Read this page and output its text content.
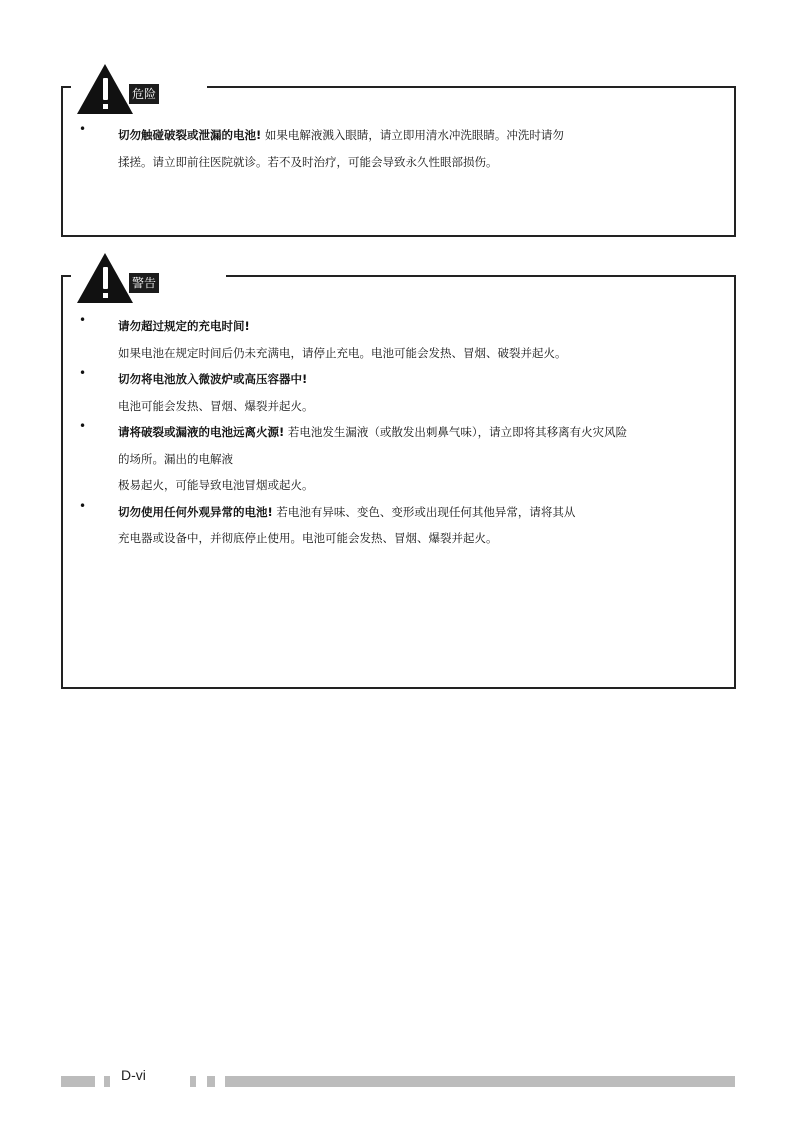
危险
•	切勿触碰破裂或泄漏的电池! 如果电解液溅入眼睛，请立即用清水冲洗眼睛。冲洗时请勿
揉搓。请立即前往医院就诊。若不及时治疗，可能会导致永久性眼部损伤。
警告
•	请勿超过规定的充电时间!
如果电池在规定时间后仍未充满电，请停止充电。电池可能会发热、冒烟、破裂并起火。
•	切勿将电池放入微波炉或高压容器中!
电池可能会发热、冒烟、爆裂并起火。
•	请将破裂或漏液的电池远离火源! 若电池发生漏液（或散发出刺鼻气味），请立即将其移离有火灾风险
的场所。漏出的电解液
极易起火，可能导致电池冒烟或起火。
•	切勿使用任何外观异常的电池! 若电池有异味、变色、变形或出现任何其他异常，请将其从
充电器或设备中，并彻底停止使用。电池可能会发热、冒烟、爆裂并起火。
D-vi
